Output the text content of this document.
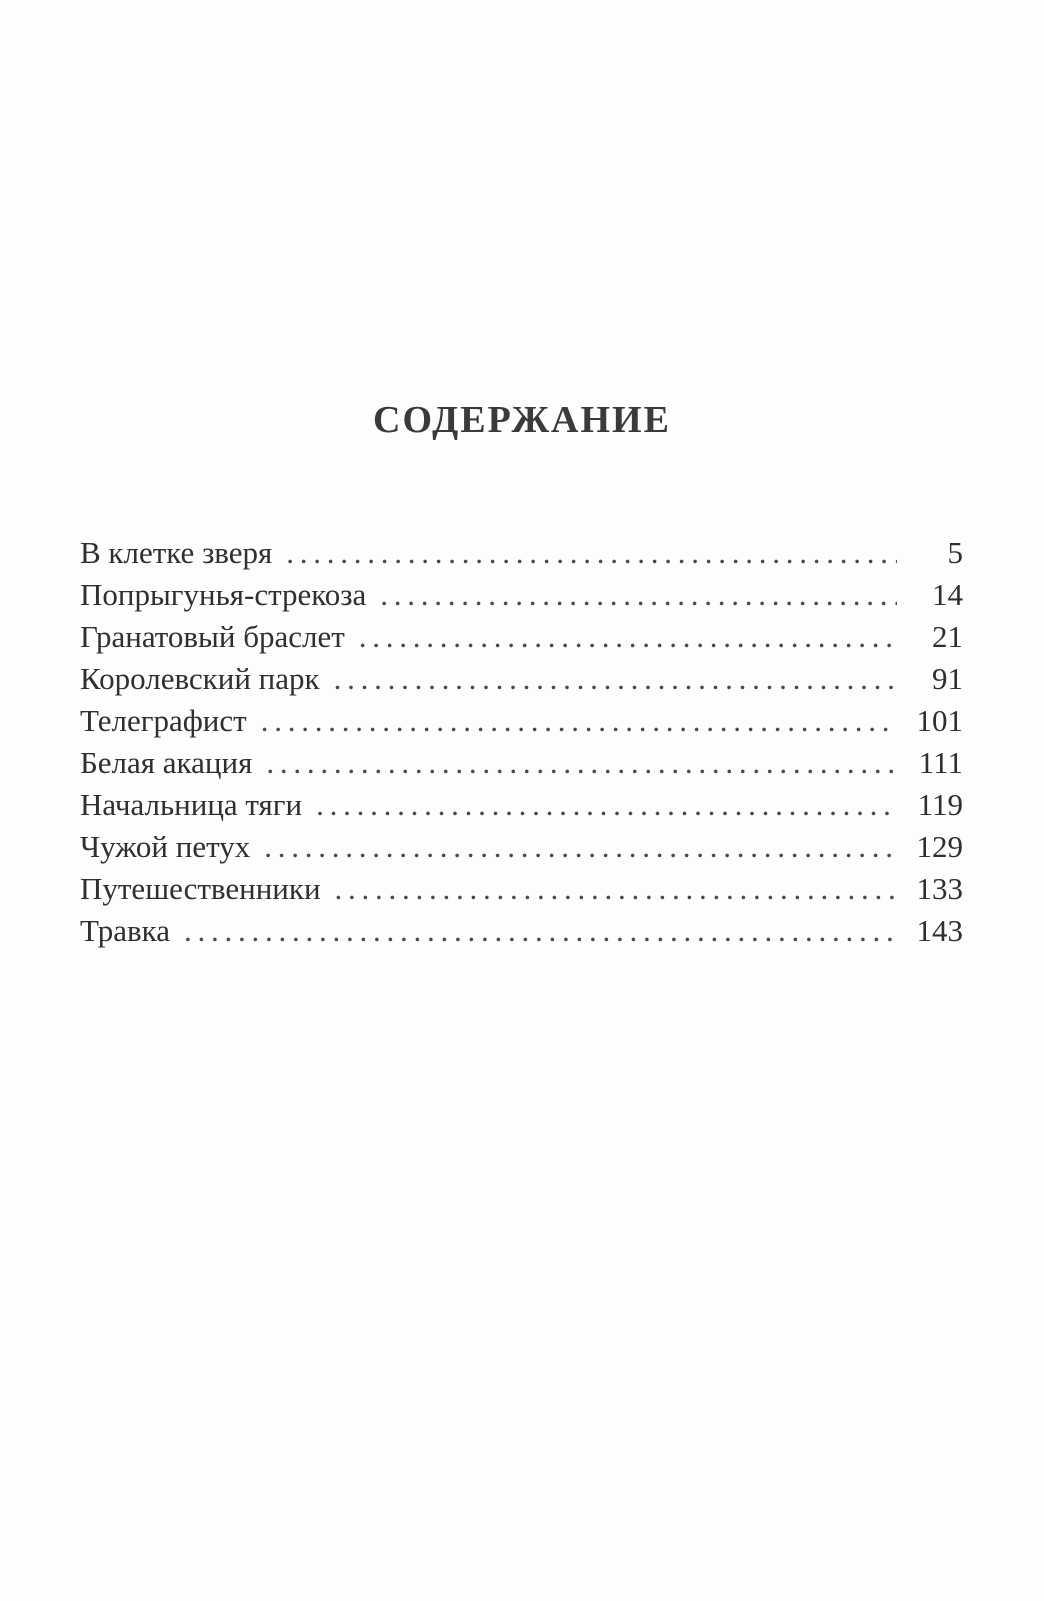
СОДЕРЖАНИЕ
В клетке зверя . . .	5
Попрыгунья-стрекоза . . .	14
Гранатовый браслет . . .	21
Королевский парк . . .	91
Телеграфист . . .	101
Белая акация . . .	111
Начальница тяги . . .	119
Чужой петух . . .	129
Путешественники . . .	133
Травка . . .	143
